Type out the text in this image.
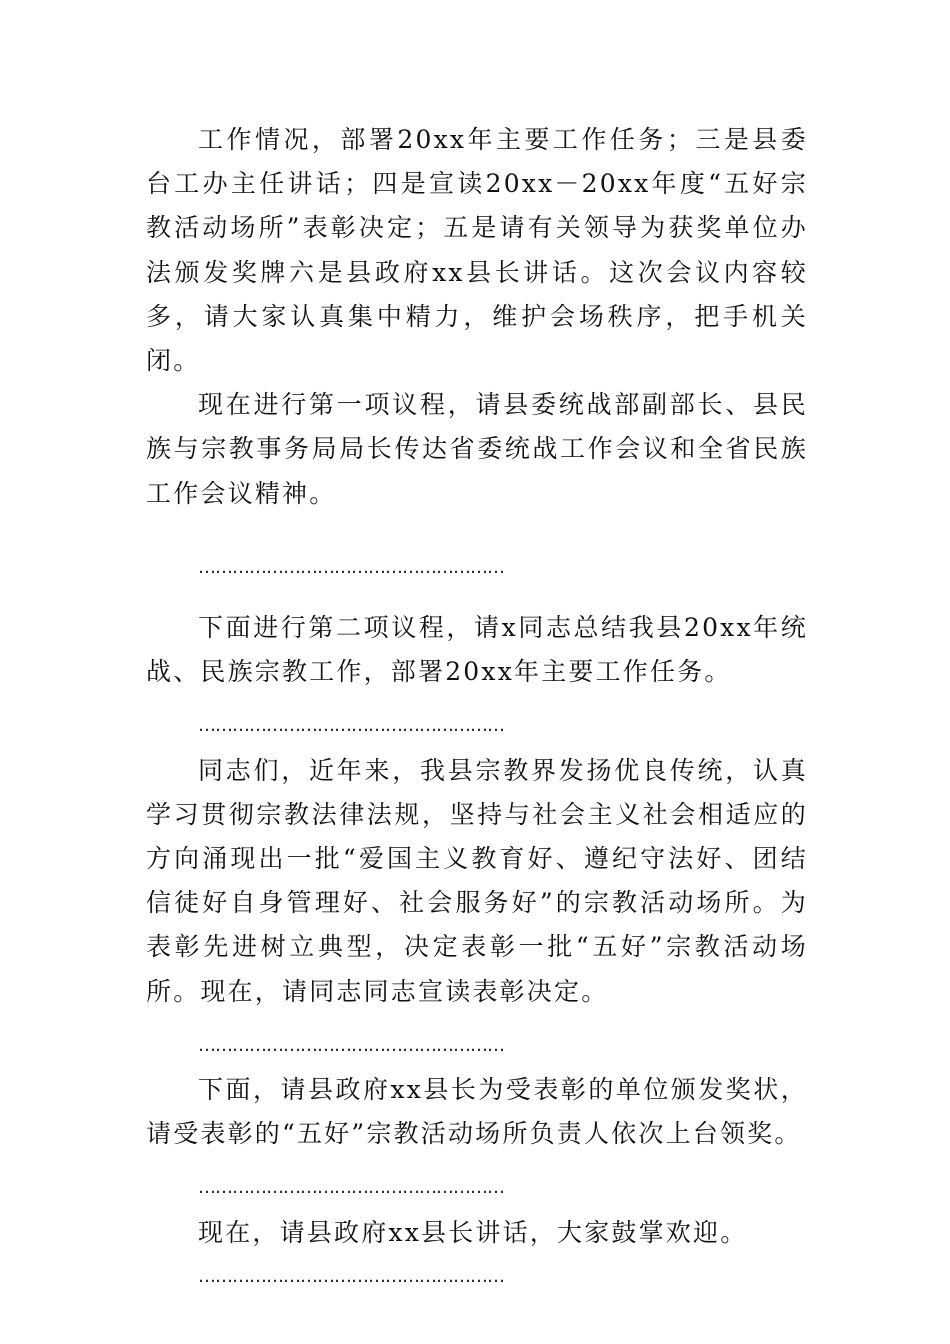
工作情况，部署20xx年主要工作任务；三是县委台工办主任讲话；四是宣读20xx－20xx年度“五好宗教活动场所”表彰决定；五是请有关领导为获奖单位办法颁发奖牌六是县政府xx县长讲话。这次会议内容较多，请大家认真集中精力，维护会场秩序，把手机关闭。

现在进行第一项议程，请县委统战部副部长、县民族与宗教事务局局长传达省委统战工作会议和全省民族工作会议精神。

………………………………………………

下面进行第二项议程，请x同志总结我县20xx年统战、民族宗教工作，部署20xx年主要工作任务。

………………………………………………

同志们，近年来，我县宗教界发扬优良传统，认真学习贯彻宗教法律法规，坚持与社会主义社会相适应的方向涌现出一批“爱国主义教育好、遵纪守法好、团结信徒好自身管理好、社会服务好”的宗教活动场所。为表彰先进树立典型，决定表彰一批“五好”宗教活动场所。现在，请同志同志宣读表彰决定。

………………………………………………

下面，请县政府xx县长为受表彰的单位颁发奖状，请受表彰的“五好”宗教活动场所负责人依次上台领奖。

………………………………………………

现在，请县政府xx县长讲话，大家鼓掌欢迎。

………………………………………………
